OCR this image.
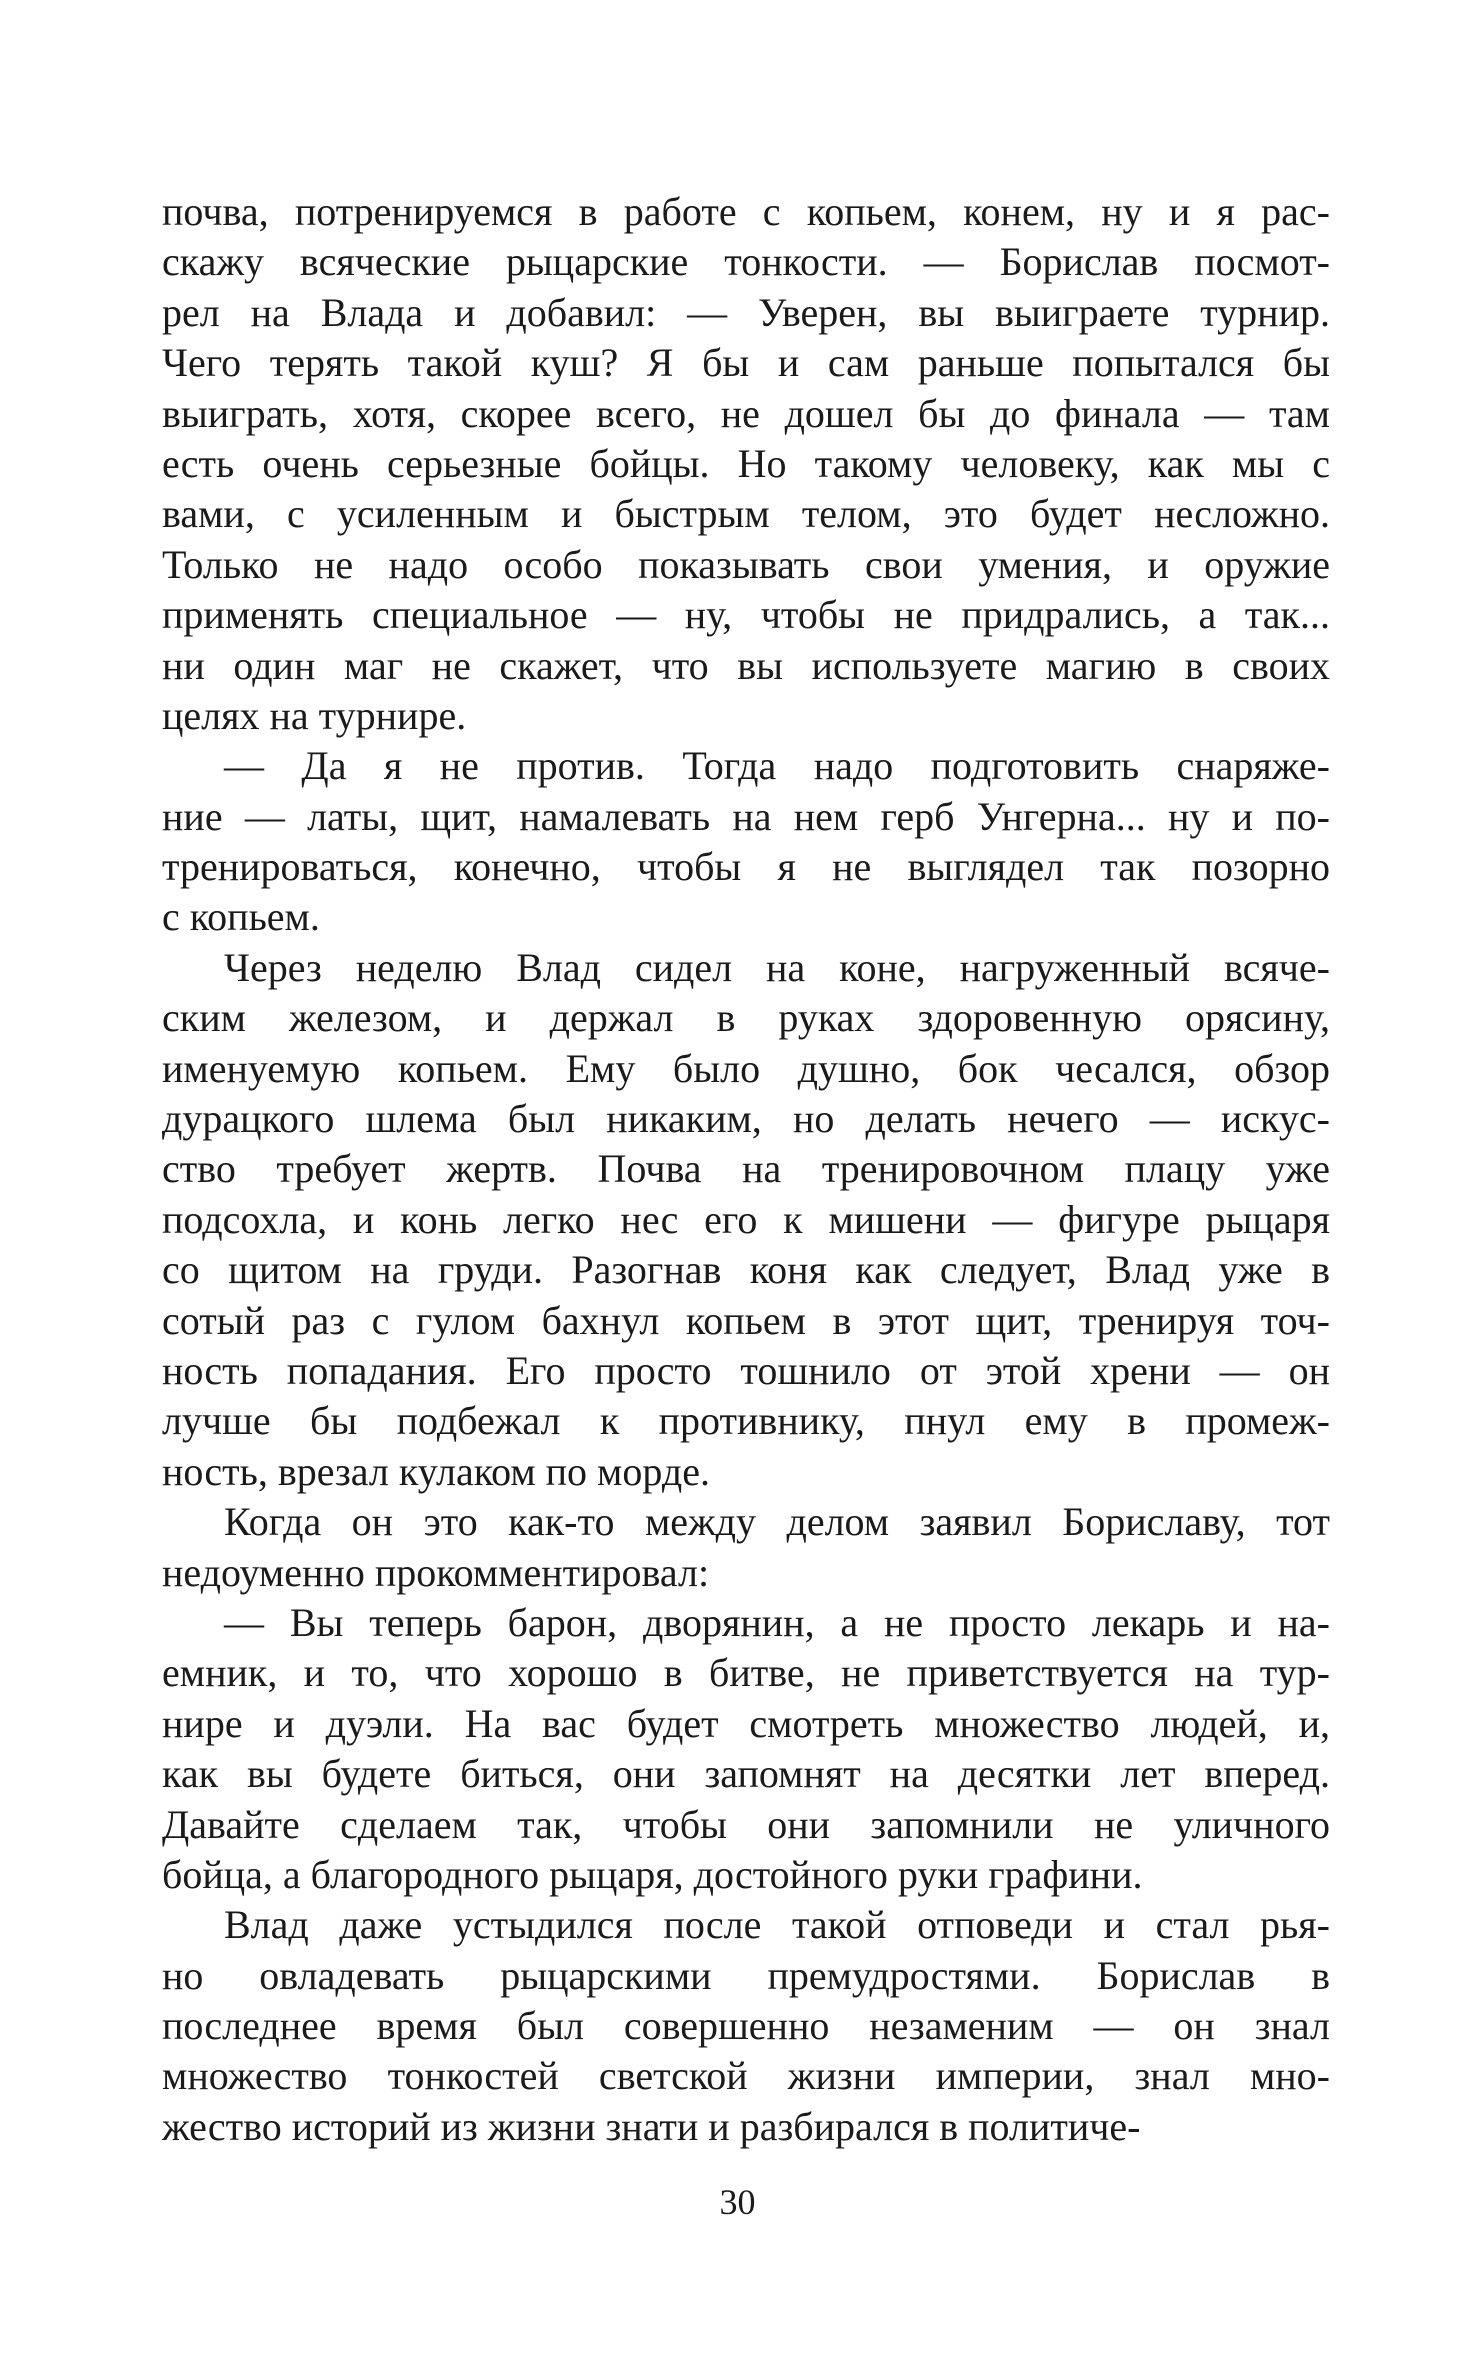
почва, потренируемся в работе с копьем, конем, ну и я рас-
скажу всяческие рыцарские тонкости. — Борислав посмот-
рел на Влада и добавил: — Уверен, вы выиграете турнир.
Чего терять такой куш? Я бы и сам раньше попытался бы
выиграть, хотя, скорее всего, не дошел бы до финала — там
есть очень серьезные бойцы. Но такому человеку, как мы с
вами, с усиленным и быстрым телом, это будет несложно.
Только не надо особо показывать свои умения, и оружие
применять специальное — ну, чтобы не придрались, а так...
ни один маг не скажет, что вы используете магию в своих
целях на турнире.
— Да я не против. Тогда надо подготовить снаряже-
ние — латы, щит, намалевать на нем герб Унгерна... ну и по-
тренироваться, конечно, чтобы я не выглядел так позорно
с копьем.
Через неделю Влад сидел на коне, нагруженный всяче-
ским железом, и держал в руках здоровенную орясину,
именуемую копьем. Ему было душно, бок чесался, обзор
дурацкого шлема был никаким, но делать нечего — искус-
ство требует жертв. Почва на тренировочном плацу уже
подсохла, и конь легко нес его к мишени — фигуре рыцаря
со щитом на груди. Разогнав коня как следует, Влад уже в
сотый раз с гулом бахнул копьем в этот щит, тренируя точ-
ность попадания. Его просто тошнило от этой хрени — он
лучше бы подбежал к противнику, пнул ему в промеж-
ность, врезал кулаком по морде.
Когда он это как-то между делом заявил Бориславу, тот
недоуменно прокомментировал:
— Вы теперь барон, дворянин, а не просто лекарь и на-
емник, и то, что хорошо в битве, не приветствуется на тур-
нире и дуэли. На вас будет смотреть множество людей, и,
как вы будете биться, они запомнят на десятки лет вперед.
Давайте сделаем так, чтобы они запомнили не уличного
бойца, а благородного рыцаря, достойного руки графини.
Влад даже устыдился после такой отповеди и стал рья-
но овладевать рыцарскими премудростями. Борислав в
последнее время был совершенно незаменим — он знал
множество тонкостей светской жизни империи, знал мно-
жество историй из жизни знати и разбирался в политиче-
30
